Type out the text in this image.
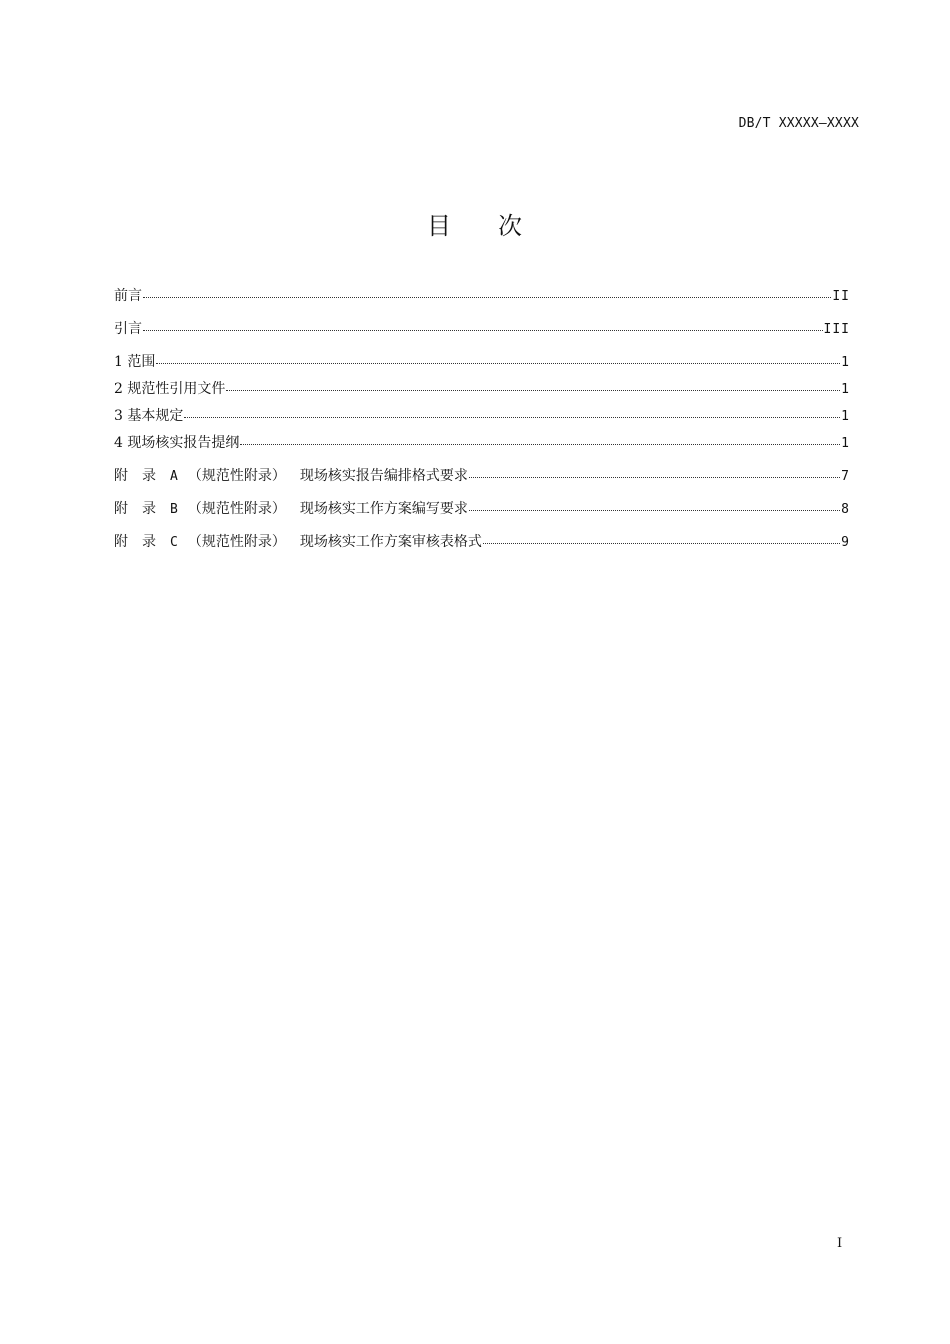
DB/T XXXXX—XXXX
目 次
前言	II
引言	III
1 范围	1
2 规范性引用文件	1
3 基本规定	1
4 现场核实报告提纲	1
附 录 A （规范性附录） 现场核实报告编排格式要求	7
附 录 B （规范性附录） 现场核实工作方案编写要求	8
附 录 C （规范性附录） 现场核实工作方案审核表格式	9
I
